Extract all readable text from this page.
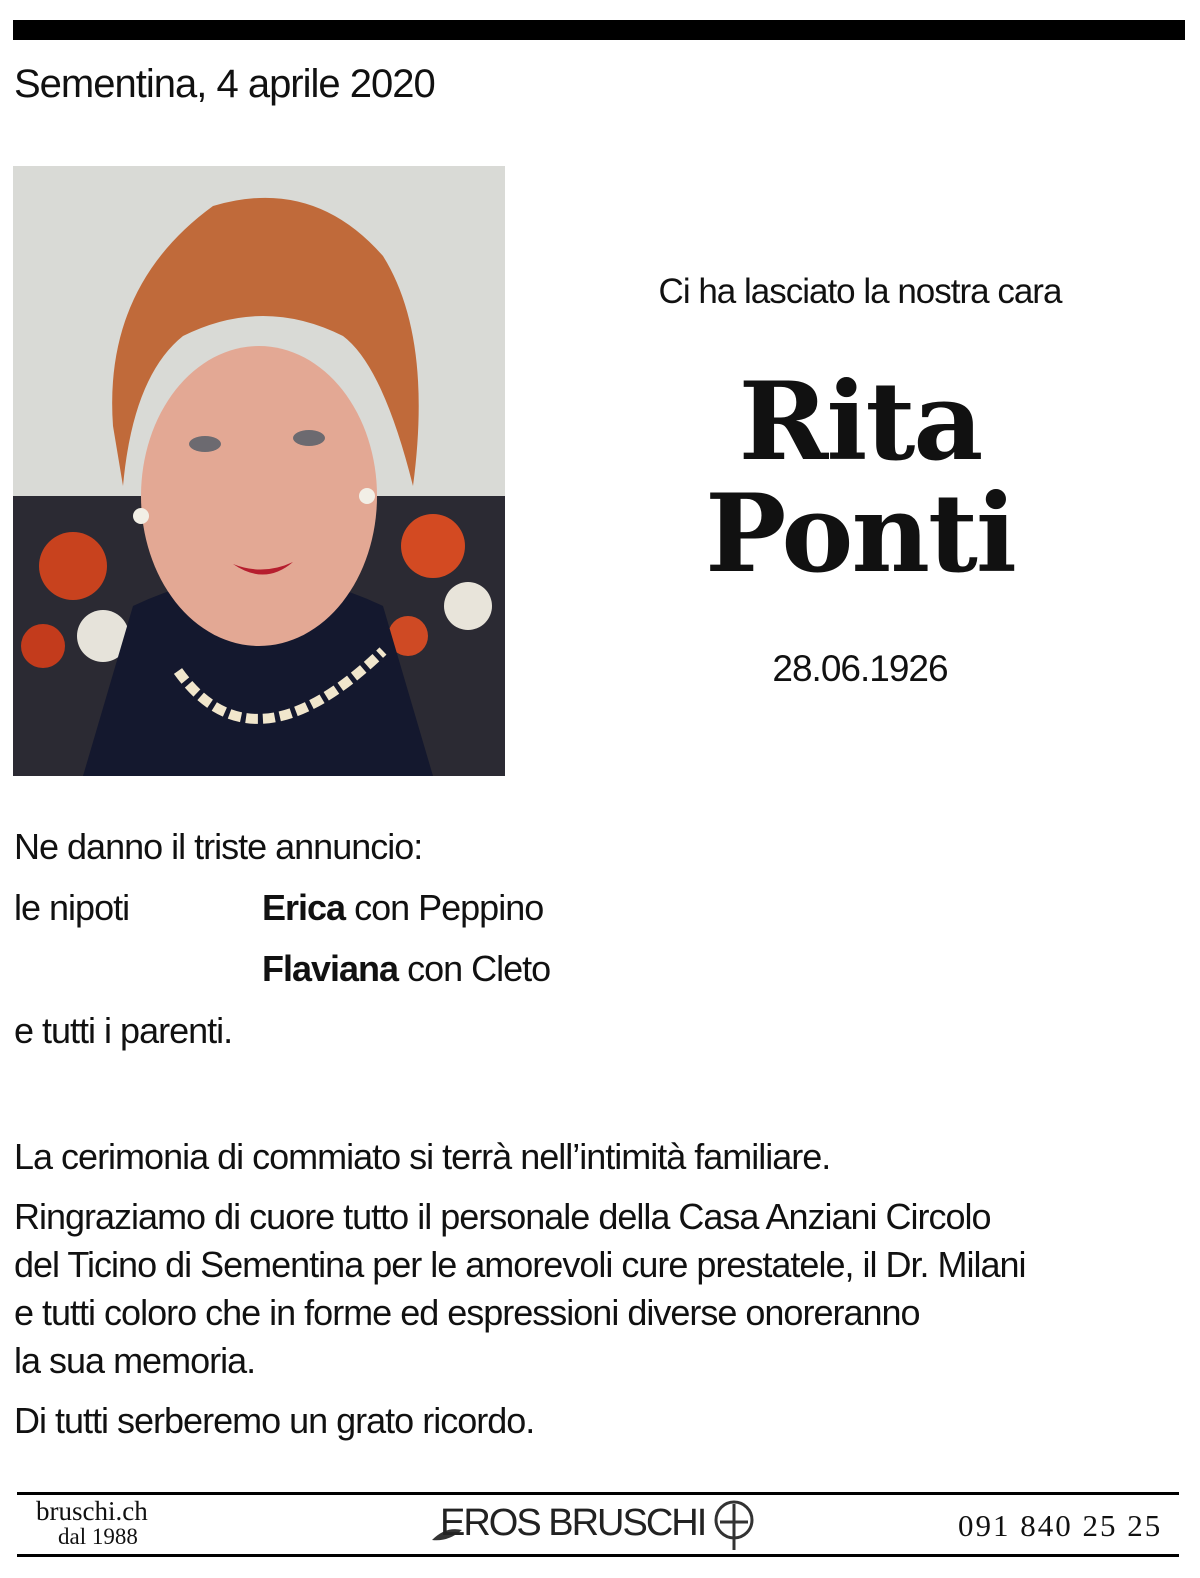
Sementina, 4 aprile 2020
Ci ha lasciato la nostra cara
Rita
Ponti
28.06.1926
Ne danno il triste annuncio:
le nipoti	Erica con Peppino
Flaviana con Cleto
e tutti i parenti.
La cerimonia di commiato si terrà nell’intimità familiare.
Ringraziamo di cuore tutto il personale della Casa Anziani Circolo
del Ticino di Sementina per le amorevoli cure prestatele, il Dr. Milani
e tutti coloro che in forme ed espressioni diverse onoreranno
la sua memoria.
Di tutti serberemo un grato ricordo.
bruschi.ch
dal 1988	EROS BRUSCHI	091 840 25 25
